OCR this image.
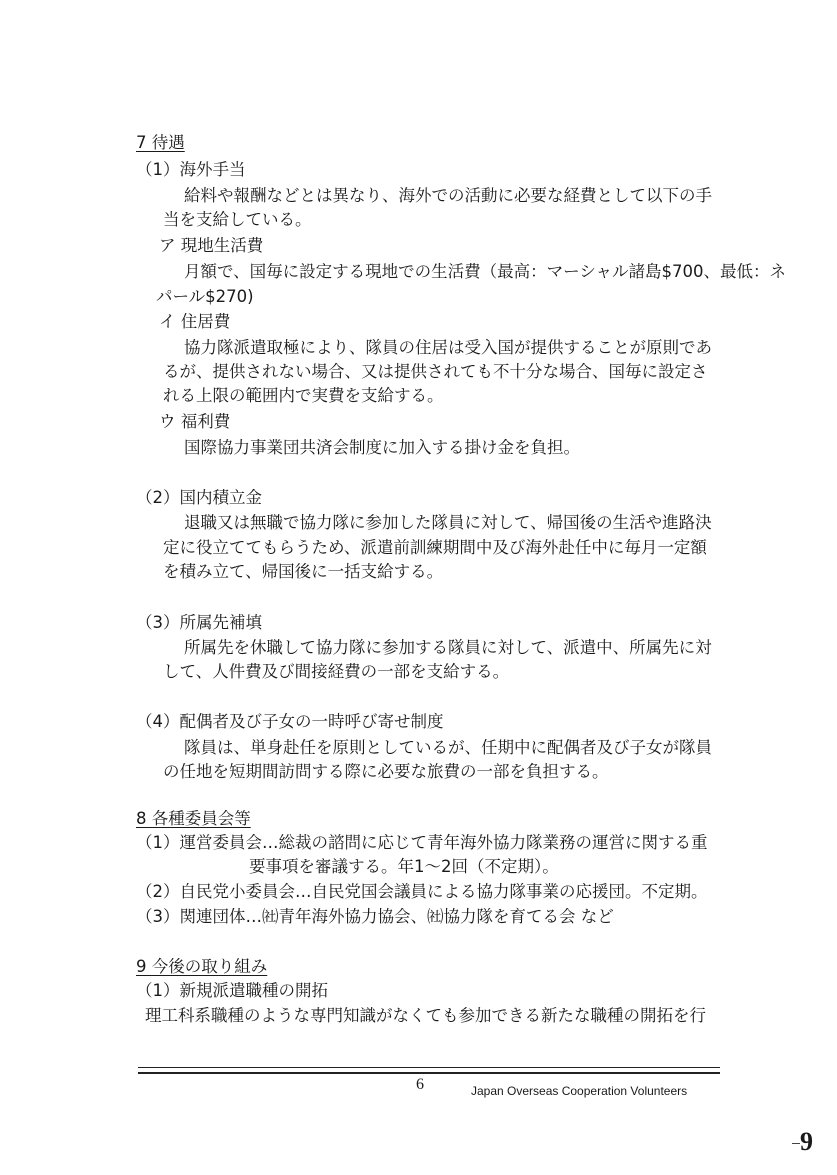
7 待遇
（1）海外手当
給料や報酬などとは異なり、海外での活動に必要な経費として以下の手
当を支給している。
ア 現地生活費
月額で、国毎に設定する現地での生活費（最高：マーシャル諸島$700、最低：ネ
パール$270)
イ 住居費
協力隊派遣取極により、隊員の住居は受入国が提供することが原則であ
るが、提供されない場合、又は提供されても不十分な場合、国毎に設定さ
れる上限の範囲内で実費を支給する。
ウ 福利費
国際協力事業団共済会制度に加入する掛け金を負担。
（2）国内積立金
退職又は無職で協力隊に参加した隊員に対して、帰国後の生活や進路決
定に役立ててもらうため、派遣前訓練期間中及び海外赴任中に毎月一定額
を積み立て、帰国後に一括支給する。
（3）所属先補填
所属先を休職して協力隊に参加する隊員に対して、派遣中、所属先に対
して、人件費及び間接経費の一部を支給する。
（4）配偶者及び子女の一時呼び寄せ制度
隊員は、単身赴任を原則としているが、任期中に配偶者及び子女が隊員
の任地を短期間訪問する際に必要な旅費の一部を負担する。
8 各種委員会等
（1）運営委員会…総裁の諮問に応じて青年海外協力隊業務の運営に関する重
要事項を審議する。年1～2回（不定期）。
（2）自民党小委員会…自民党国会議員による協力隊事業の応援団。不定期。
（3）関連団体…㈳青年海外協力協会、㈳協力隊を育てる会 など
9 今後の取り組み
（1）新規派遣職種の開拓
理工科系職種のような専門知識がなくても参加できる新たな職種の開拓を行
6	Japan Overseas Cooperation Volunteers
9
